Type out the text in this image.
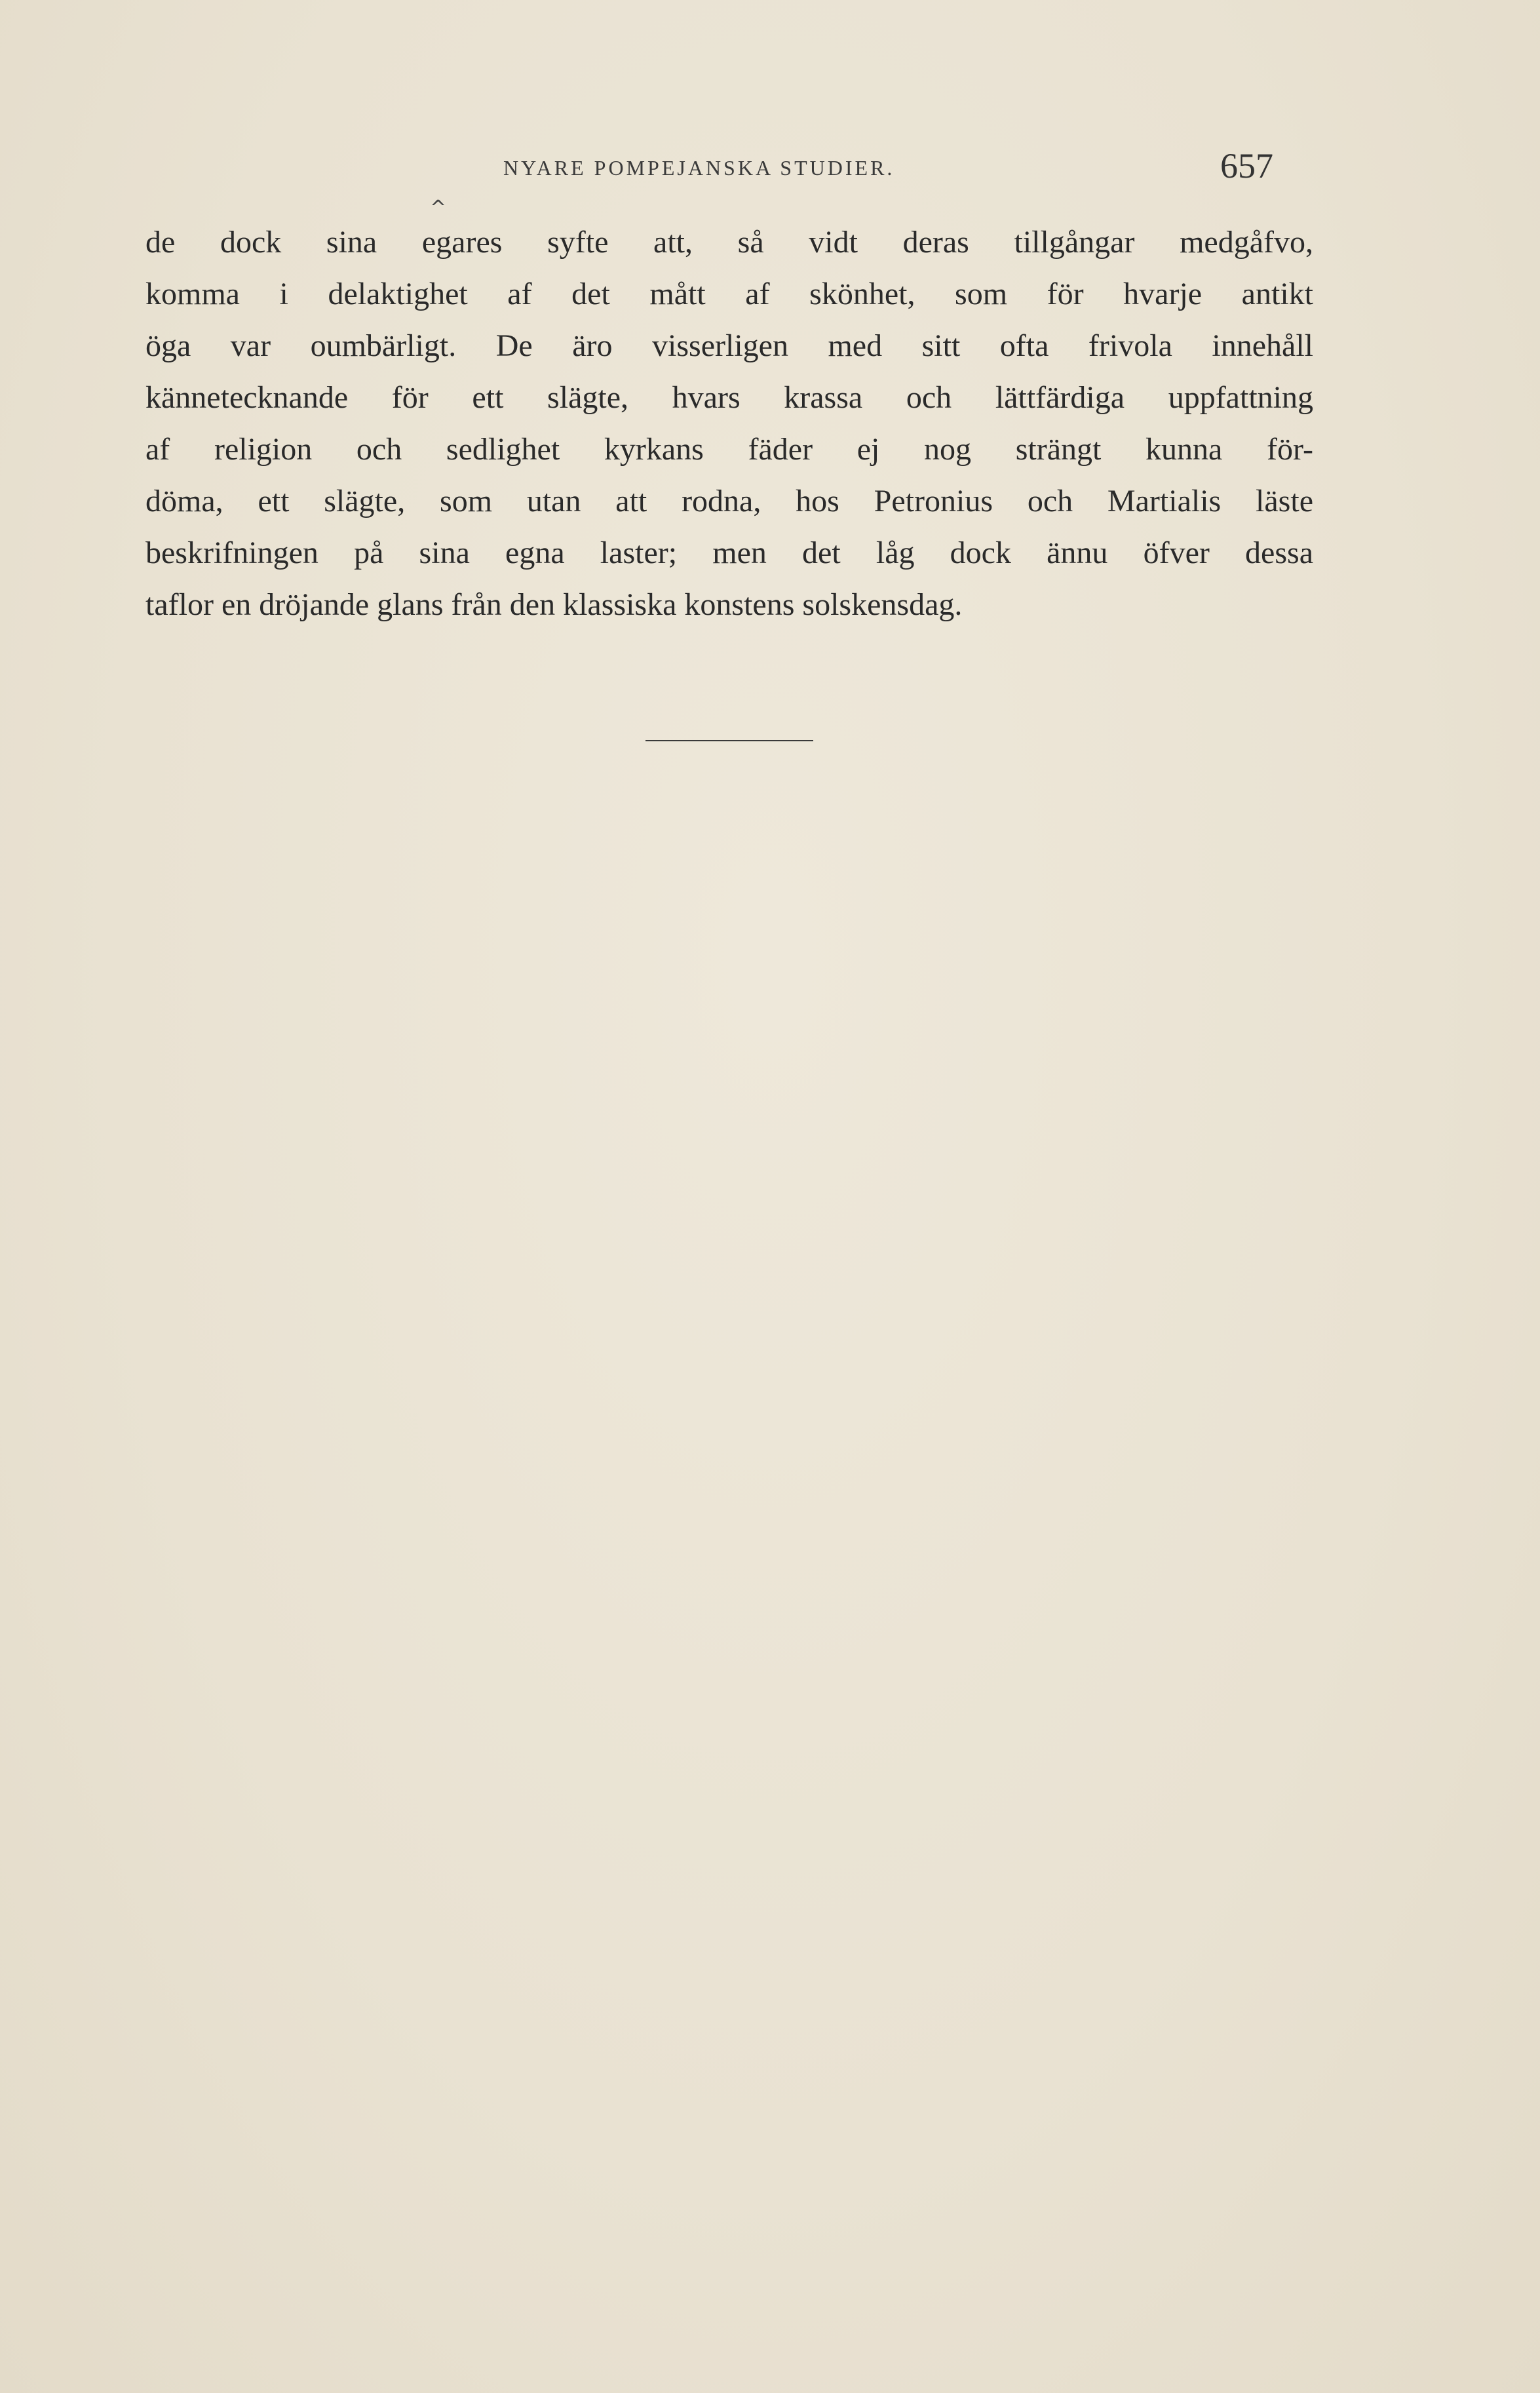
NYARE POMPEJANSKA STUDIER.	657
^
de dock sina egares syfte att, så vidt deras tillgångar medgåfvo,
komma i delaktighet af det mått af skönhet, som för hvarje antikt
öga var oumbärligt. De äro visserligen med sitt ofta frivola innehåll
kännetecknande för ett slägte, hvars krassa och lättfärdiga uppfattning
af religion och sedlighet kyrkans fäder ej nog strängt kunna för-
döma, ett slägte, som utan att rodna, hos Petronius och Martialis läste
beskrifningen på sina egna laster; men det låg dock ännu öfver dessa
taflor en dröjande glans från den klassiska konstens solskensdag.
